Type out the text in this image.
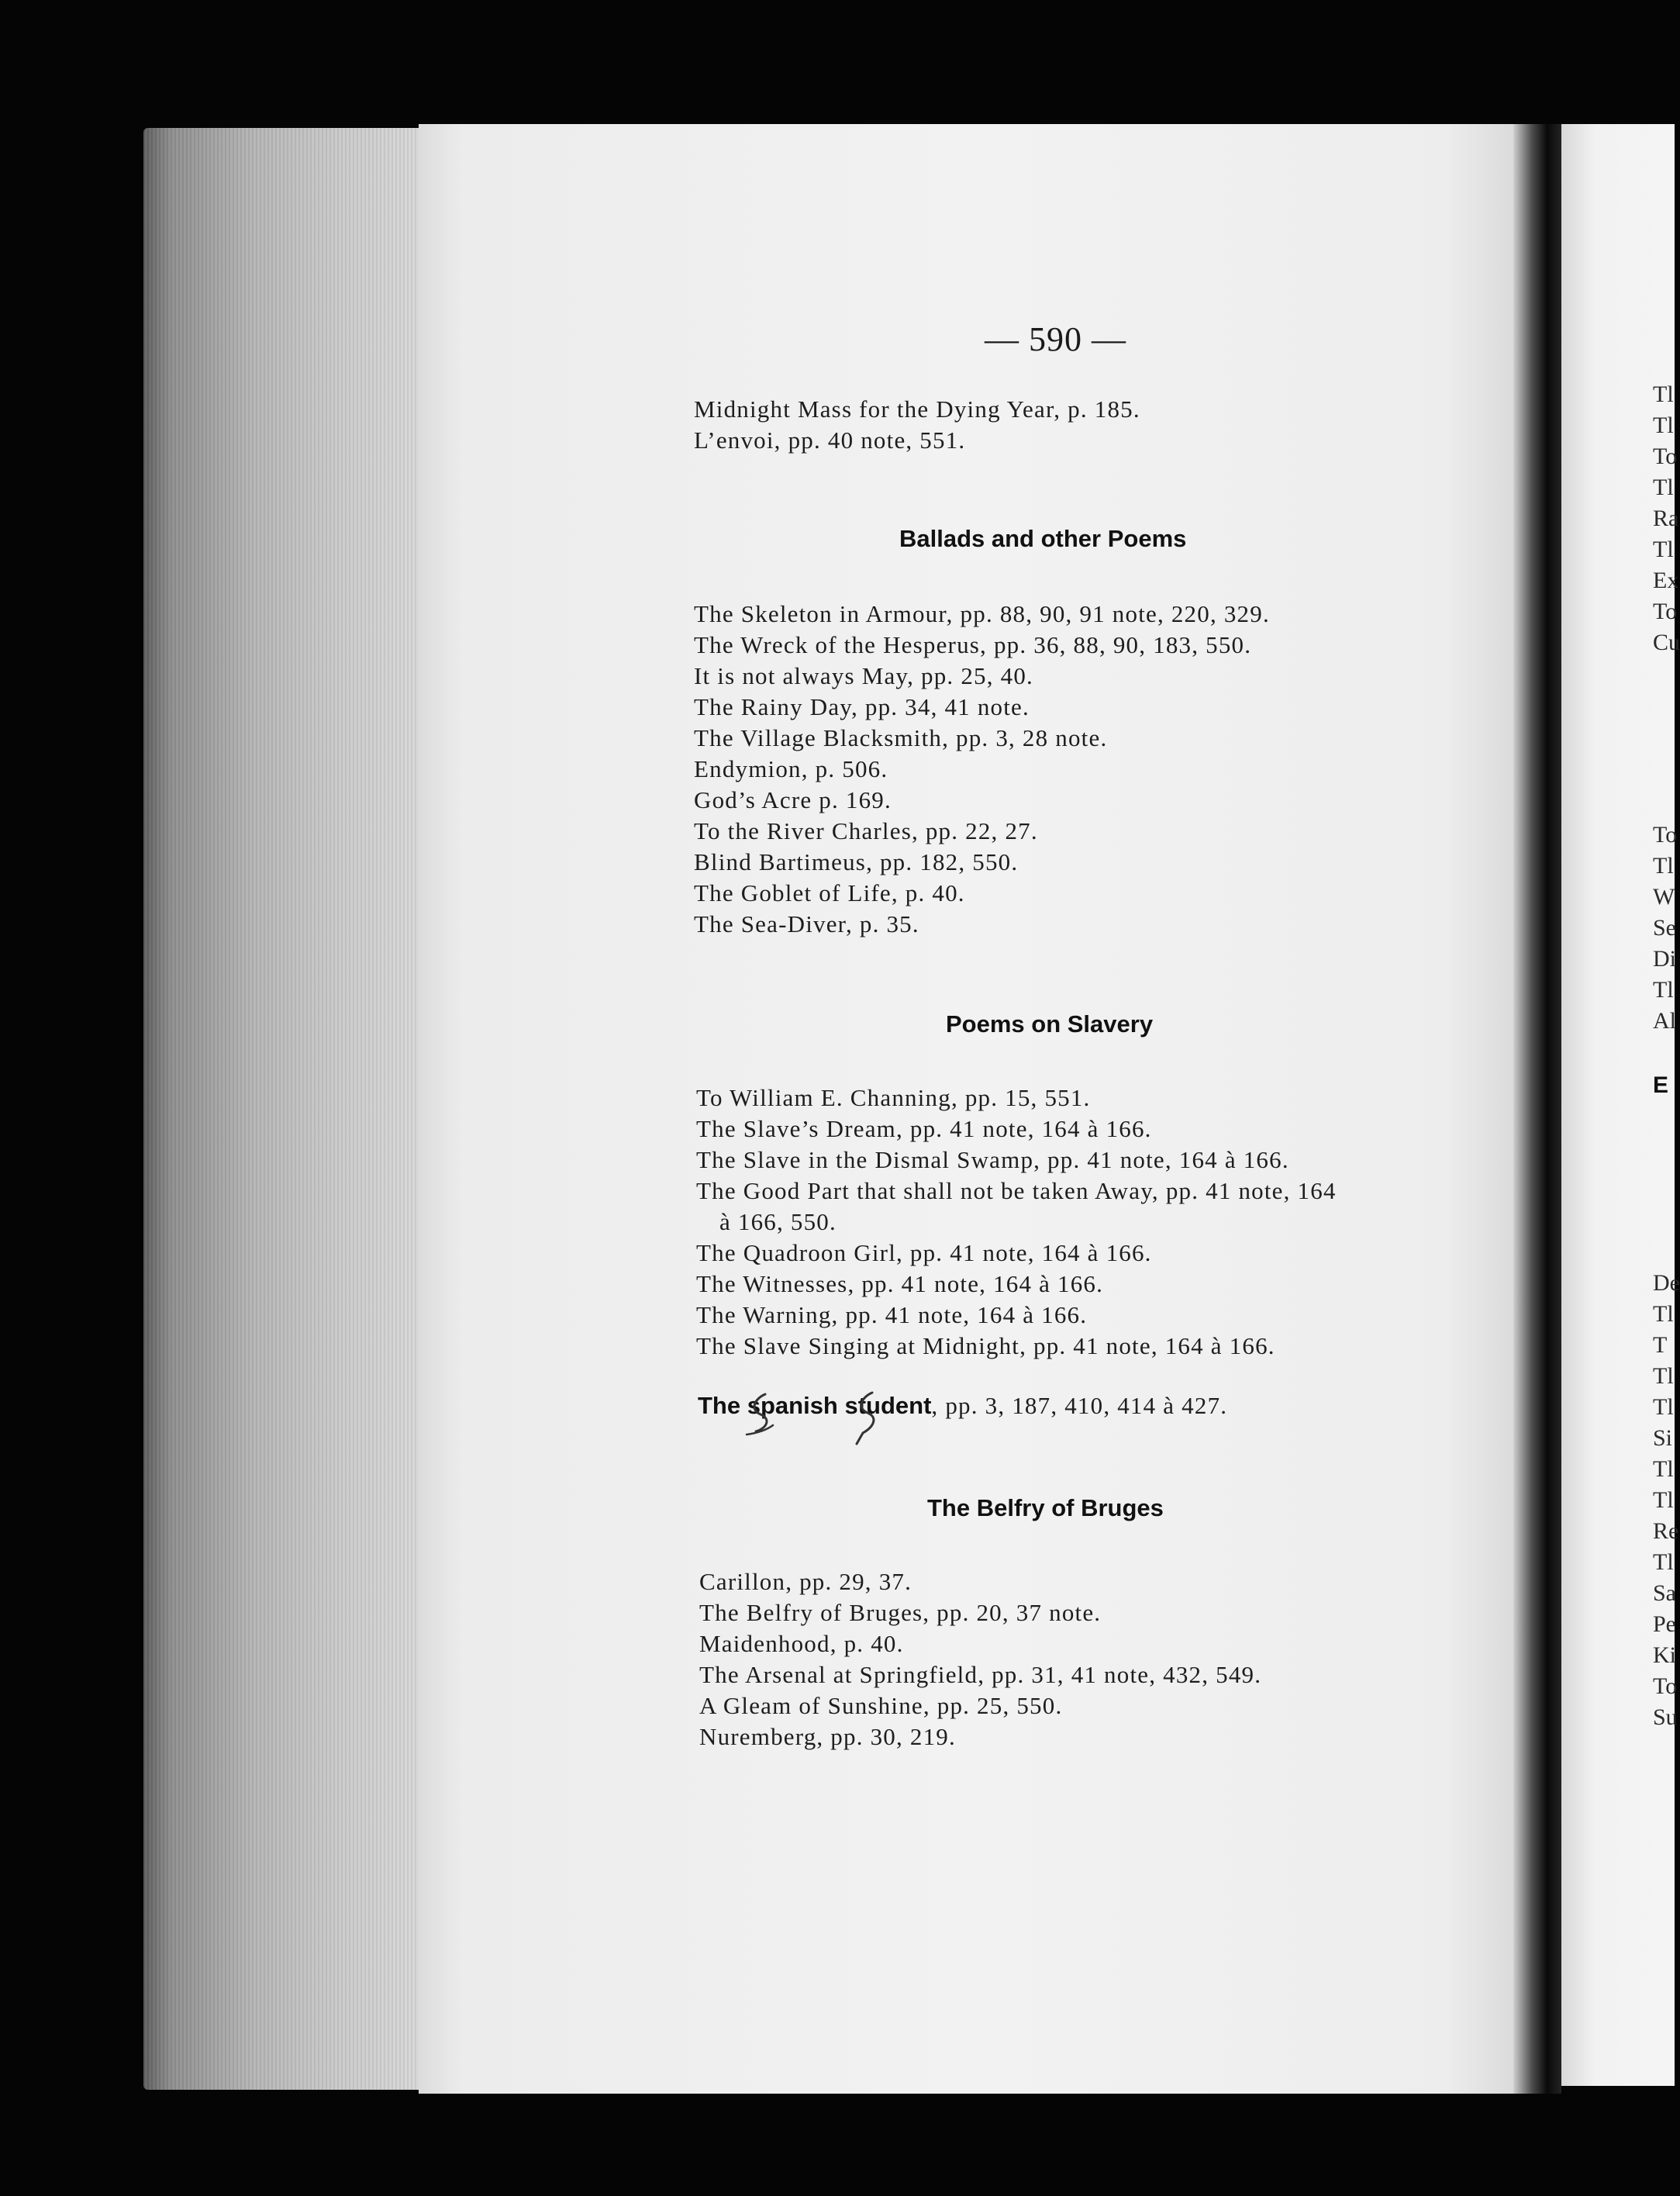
— 590 —
Midnight Mass for the Dying Year, p. 185.
L’envoi, pp. 40 note, 551.
Ballads and other Poems
The Skeleton in Armour, pp. 88, 90, 91 note, 220, 329.
The Wreck of the Hesperus, pp. 36, 88, 90, 183, 550.
It is not always May, pp. 25, 40.
The Rainy Day, pp. 34, 41 note.
The Village Blacksmith, pp. 3, 28 note.
Endymion, p. 506.
God’s Acre p. 169.
To the River Charles, pp. 22, 27.
Blind Bartimeus, pp. 182, 550.
The Goblet of Life, p. 40.
The Sea-Diver, p. 35.
Poems on Slavery
To William E. Channing, pp. 15, 551.
The Slave’s Dream, pp. 41 note, 164 à 166.
The Slave in the Dismal Swamp, pp. 41 note, 164 à 166.
The Good Part that shall not be taken Away, pp. 41 note, 164
à 166, 550.
The Quadroon Girl, pp. 41 note, 164 à 166.
The Witnesses, pp. 41 note, 164 à 166.
The Warning, pp. 41 note, 164 à 166.
The Slave Singing at Midnight, pp. 41 note, 164 à 166.
The spanish student, pp. 3, 187, 410, 414 à 427.
The Belfry of Bruges
Carillon, pp. 29, 37.
The Belfry of Bruges, pp. 20, 37 note.
Maidenhood, p. 40.
The Arsenal at Springfield, pp. 31, 41 note, 432, 549.
A Gleam of Sunshine, pp. 25, 550.
Nuremberg, pp. 30, 219.
Tl
Tl
To
Tl
Ra
Tl
Ex
To
Cu
To
Tl
W
Se
Di
Tl
Al
E
De
Tl
T
Tl
Tl
Si
Tl
Tl
Re
Tl
Sa
Pe
Ki
To
Su
